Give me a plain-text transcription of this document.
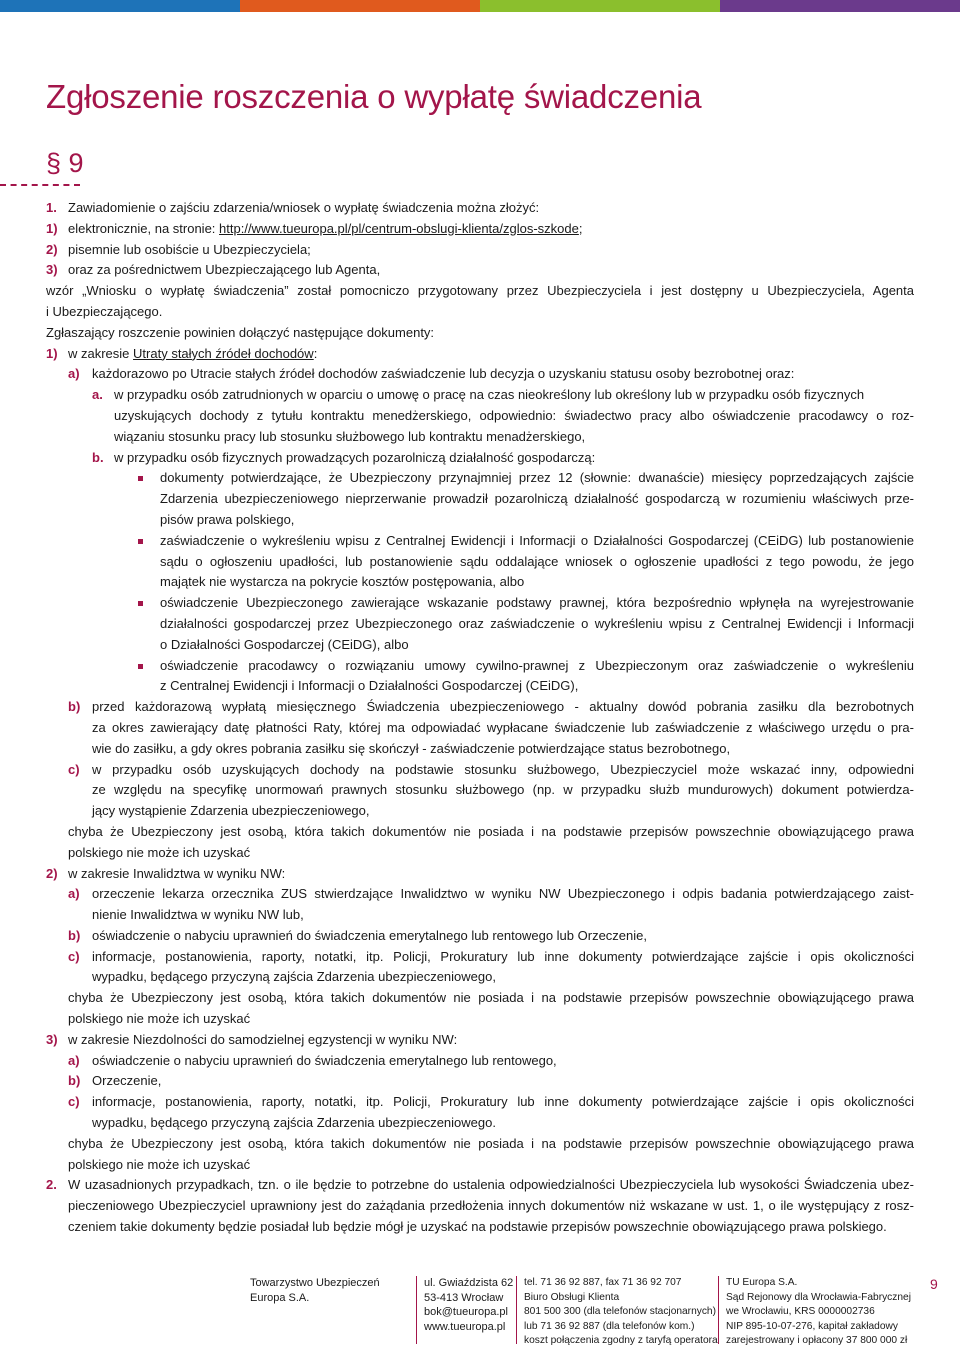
Zgłoszenie roszczenia o wypłatę świadczenia
§ 9
1. Zawiadomienie o zajściu zdarzenia/wniosek o wypłatę świadczenia można złożyć:
1) elektronicznie, na stronie: http://www.tueuropa.pl/pl/centrum-obslugi-klienta/zglos-szkode;
2) pisemnie lub osobiście u Ubezpieczyciela;
3) oraz za pośrednictwem Ubezpieczającego lub Agenta,
wzór „Wniosku o wypłatę świadczenia” został pomocniczo przygotowany przez Ubezpieczyciela i jest dostępny u Ubezpieczyciela, Agenta
i Ubezpieczającego.
Zgłaszający roszczenie powinien dołączyć następujące dokumenty:
1) w zakresie Utraty stałych źródeł dochodów:
a) każdorazowo po Utracie stałych źródeł dochodów zaświadczenie lub decyzja o uzyskaniu statusu osoby bezrobotnej oraz:
a. w przypadku osób zatrudnionych w oparciu o umowę o pracę na czas nieokreślony lub określony lub w przypadku osób fizycznych
uzyskujących dochody z tytułu kontraktu menedżerskiego, odpowiednio: świadectwo pracy albo oświadczenie pracodawcy o roz-
wiązaniu stosunku pracy lub stosunku służbowego lub kontraktu menadżerskiego,
b. w przypadku osób fizycznych prowadzących pozarolniczą działalność gospodarczą:
dokumenty potwierdzające, że Ubezpieczony przynajmniej przez 12 (słownie: dwanaście) miesięcy poprzedzających zajście
Zdarzenia ubezpieczeniowego nieprzerwanie prowadził pozarolniczą działalność gospodarczą w rozumieniu właściwych prze-
pisów prawa polskiego,
zaświadczenie o wykreśleniu wpisu z Centralnej Ewidencji i Informacji o Działalności Gospodarczej (CEiDG) lub postanowienie
sądu o ogłoszeniu upadłości, lub postanowienie sądu oddalające wniosek o ogłoszenie upadłości z tego powodu, że jego
majątek nie wystarcza na pokrycie kosztów postępowania, albo
oświadczenie Ubezpieczonego zawierające wskazanie podstawy prawnej, która bezpośrednio wpłynęła na wyrejestrowanie
działalności gospodarczej przez Ubezpieczonego oraz zaświadczenie o wykreśleniu wpisu z Centralnej Ewidencji i Informacji
o Działalności Gospodarczej (CEiDG), albo
oświadczenie pracodawcy o rozwiązaniu umowy cywilno-prawnej z Ubezpieczonym oraz zaświadczenie o wykreśleniu
z Centralnej Ewidencji i Informacji o Działalności Gospodarczej (CEiDG),
b) przed każdorazową wypłatą miesięcznego Świadczenia ubezpieczeniowego - aktualny dowód pobrania zasiłku dla bezrobotnych
za okres zawierający datę płatności Raty, której ma odpowiadać wypłacane świadczenie lub zaświadczenie z właściwego urzędu o pra-
wie do zasiłku, a gdy okres pobrania zasiłku się skończył - zaświadczenie potwierdzające status bezrobotnego,
c) w przypadku osób uzyskujących dochody na podstawie stosunku służbowego, Ubezpieczyciel może wskazać inny, odpowiedni
ze względu na specyfikę unormowań prawnych stosunku służbowego (np. w przypadku służb mundurowych) dokument potwierdza-
jący wystąpienie Zdarzenia ubezpieczeniowego,
chyba że Ubezpieczony jest osobą, która takich dokumentów nie posiada i na podstawie przepisów powszechnie obowiązującego prawa
polskiego nie może ich uzyskać
2) w zakresie Inwalidztwa w wyniku NW:
a) orzeczenie lekarza orzecznika ZUS stwierdzające Inwalidztwo w wyniku NW Ubezpieczonego i odpis badania potwierdzającego zaist-
nienie Inwalidztwa w wyniku NW lub,
b) oświadczenie o nabyciu uprawnień do świadczenia emerytalnego lub rentowego lub Orzeczenie,
c) informacje, postanowienia, raporty, notatki, itp. Policji, Prokuratury lub inne dokumenty potwierdzające zajście i opis okoliczności
wypadku, będącego przyczyną zajścia Zdarzenia ubezpieczeniowego,
chyba że Ubezpieczony jest osobą, która takich dokumentów nie posiada i na podstawie przepisów powszechnie obowiązującego prawa
polskiego nie może ich uzyskać
3) w zakresie Niezdolności do samodzielnej egzystencji w wyniku NW:
a) oświadczenie o nabyciu uprawnień do świadczenia emerytalnego lub rentowego,
b) Orzeczenie,
c) informacje, postanowienia, raporty, notatki, itp. Policji, Prokuratury lub inne dokumenty potwierdzające zajście i opis okoliczności
wypadku, będącego przyczyną zajścia Zdarzenia ubezpieczeniowego.
chyba że Ubezpieczony jest osobą, która takich dokumentów nie posiada i na podstawie przepisów powszechnie obowiązującego prawa
polskiego nie może ich uzyskać
2. W uzasadnionych przypadkach, tzn. o ile będzie to potrzebne do ustalenia odpowiedzialności Ubezpieczyciela lub wysokości Świadczenia ubez-
pieczeniowego Ubezpieczyciel uprawniony jest do zażądania przedłożenia innych dokumentów niż wskazane w ust. 1, o ile występujący z rosz-
czeniem takie dokumenty będzie posiadał lub będzie mógł je uzyskać na podstawie przepisów powszechnie obowiązującego prawa polskiego.
Towarzystwo Ubezpieczeń
Europa S.A.
ul. Gwiaździsta 62
53-413 Wrocław
bok@tueuropa.pl
www.tueuropa.pl
tel. 71 36 92 887, fax 71 36 92 707
Biuro Obsługi Klienta
801 500 300 (dla telefonów stacjonarnych)
lub 71 36 92 887 (dla telefonów kom.)
koszt połączenia zgodny z taryfą operatora
TU Europa S.A.
Sąd Rejonowy dla Wrocławia-Fabrycznej
we Wrocławiu, KRS 0000002736
NIP 895-10-07-276, kapitał zakładowy
zarejestrowany i opłacony 37 800 000 zł
9
